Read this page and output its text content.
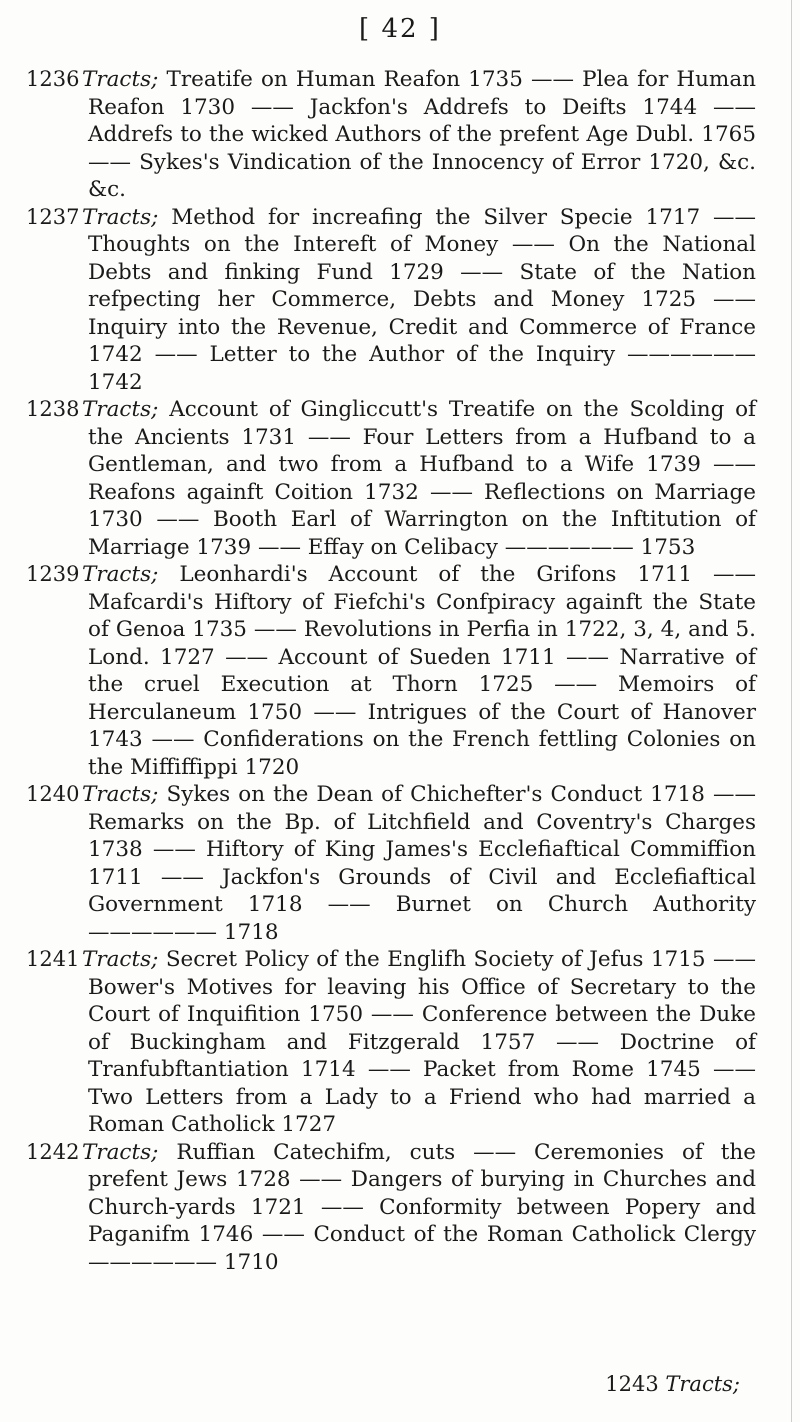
[ 42 ]
1236 Tracts; Treatife on Human Reafon 1735 —— Plea for Human Reafon 1730 —— Jackfon's Addrefs to Deifts 1744 —— Addrefs to the wicked Authors of the prefent Age Dubl. 1765 —— Sykes's Vindication of the Innocency of Error 1720, &c. &c.
1237 Tracts; Method for increafing the Silver Specie 1717 —— Thoughts on the Intereft of Money —— On the National Debts and finking Fund 1729 —— State of the Nation refpecting her Commerce, Debts and Money 1725 —— Inquiry into the Revenue, Credit and Commerce of France 1742 —— Letter to the Author of the Inquiry —————— 1742
1238 Tracts; Account of Gingliccutt's Treatife on the Scolding of the Ancients 1731 —— Four Letters from a Hufband to a Gentleman, and two from a Hufband to a Wife 1739 —— Reafons againft Coition 1732 —— Reflections on Marriage 1730 —— Booth Earl of Warrington on the Inftitution of Marriage 1739 —— Effay on Celibacy —————— 1753
1239 Tracts; Leonhardi's Account of the Grifons 1711 —— Mafcardi's Hiftory of Fiefchi's Confpiracy againft the State of Genoa 1735 —— Revolutions in Perfia in 1722, 3, 4, and 5. Lond. 1727 —— Account of Sueden 1711 —— Narrative of the cruel Execution at Thorn 1725 —— Memoirs of Herculaneum 1750 —— Intrigues of the Court of Hanover 1743 —— Confiderations on the French fettling Colonies on the Miffiffippi 1720
1240 Tracts; Sykes on the Dean of Chichefter's Conduct 1718 —— Remarks on the Bp. of Litchfield and Coventry's Charges 1738 —— Hiftory of King James's Ecclefiaftical Commiffion 1711 —— Jackfon's Grounds of Civil and Ecclefiaftical Government 1718 —— Burnet on Church Authority —————— 1718
1241 Tracts; Secret Policy of the Englifh Society of Jefus 1715 —— Bower's Motives for leaving his Office of Secretary to the Court of Inquifition 1750 —— Conference between the Duke of Buckingham and Fitzgerald 1757 —— Doctrine of Tranfubftantiation 1714 —— Packet from Rome 1745 —— Two Letters from a Lady to a Friend who had married a Roman Catholick 1727
1242 Tracts; Ruffian Catechifm, cuts —— Ceremonies of the prefent Jews 1728 —— Dangers of burying in Churches and Church-yards 1721 —— Conformity between Popery and Paganifm 1746 —— Conduct of the Roman Catholick Clergy —————— 1710
1243 Tracts;
